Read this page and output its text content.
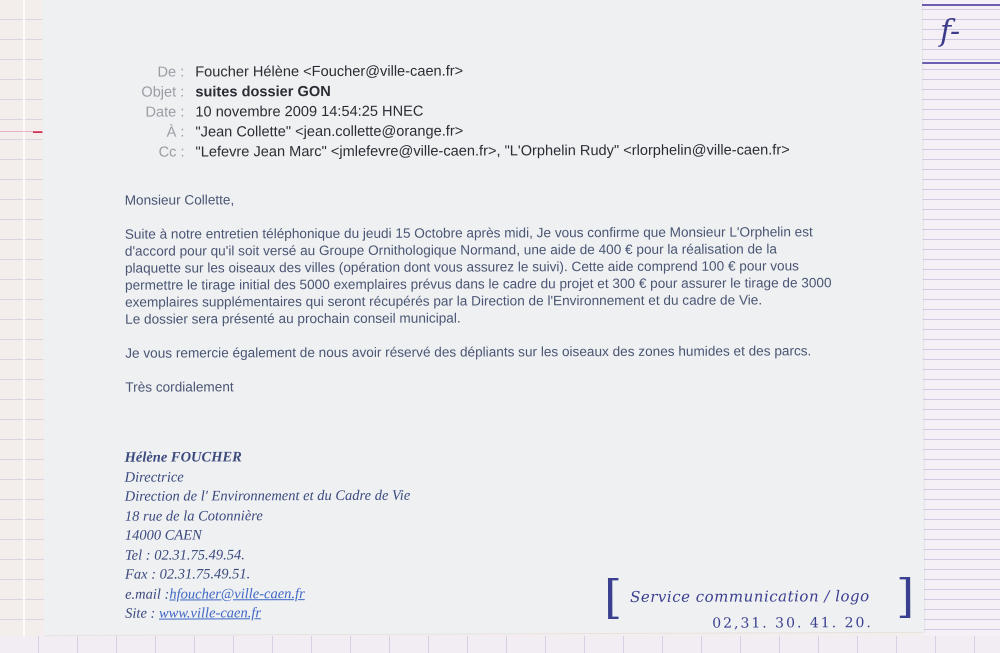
f-
De : Foucher Hélène <Foucher@ville-caen.fr>
Objet : suites dossier GON
Date : 10 novembre 2009 14:54:25 HNEC
À : "Jean Collette" <jean.collette@orange.fr>
Cc : "Lefevre Jean Marc" <jmlefevre@ville-caen.fr>, "L'Orphelin Rudy" <rlorphelin@ville-caen.fr>

Monsieur Collette,

Suite à notre entretien téléphonique du jeudi 15 Octobre après midi, Je vous confirme que Monsieur L'Orphelin est

d'accord pour qu'il soit versé au Groupe Ornithologique Normand, une aide de 400 € pour la réalisation de la

plaquette sur les oiseaux des villes (opération dont vous assurez le suivi). Cette aide comprend 100 € pour vous

permettre le tirage initial des 5000 exemplaires prévus dans le cadre du projet et 300 € pour assurer le tirage de 3000

exemplaires supplémentaires qui seront récupérés par la Direction de l'Environnement et du cadre de Vie.

Le dossier sera présenté au prochain conseil municipal.

Je vous remercie également de nous avoir réservé des dépliants sur les oiseaux des zones humides et des parcs.

Très cordialement

Hélène FOUCHER
Directrice
Direction de l' Environnement et du Cadre de Vie
18 rue de la Cotonnière
14000 CAEN
Tel : 02.31.75.49.54.
Fax : 02.31.75.49.51.
e.mail :hfoucher@ville-caen.fr
Site : www.ville-caen.fr	[ Service communication / logo
02,31. 30. 41. 20.
]
